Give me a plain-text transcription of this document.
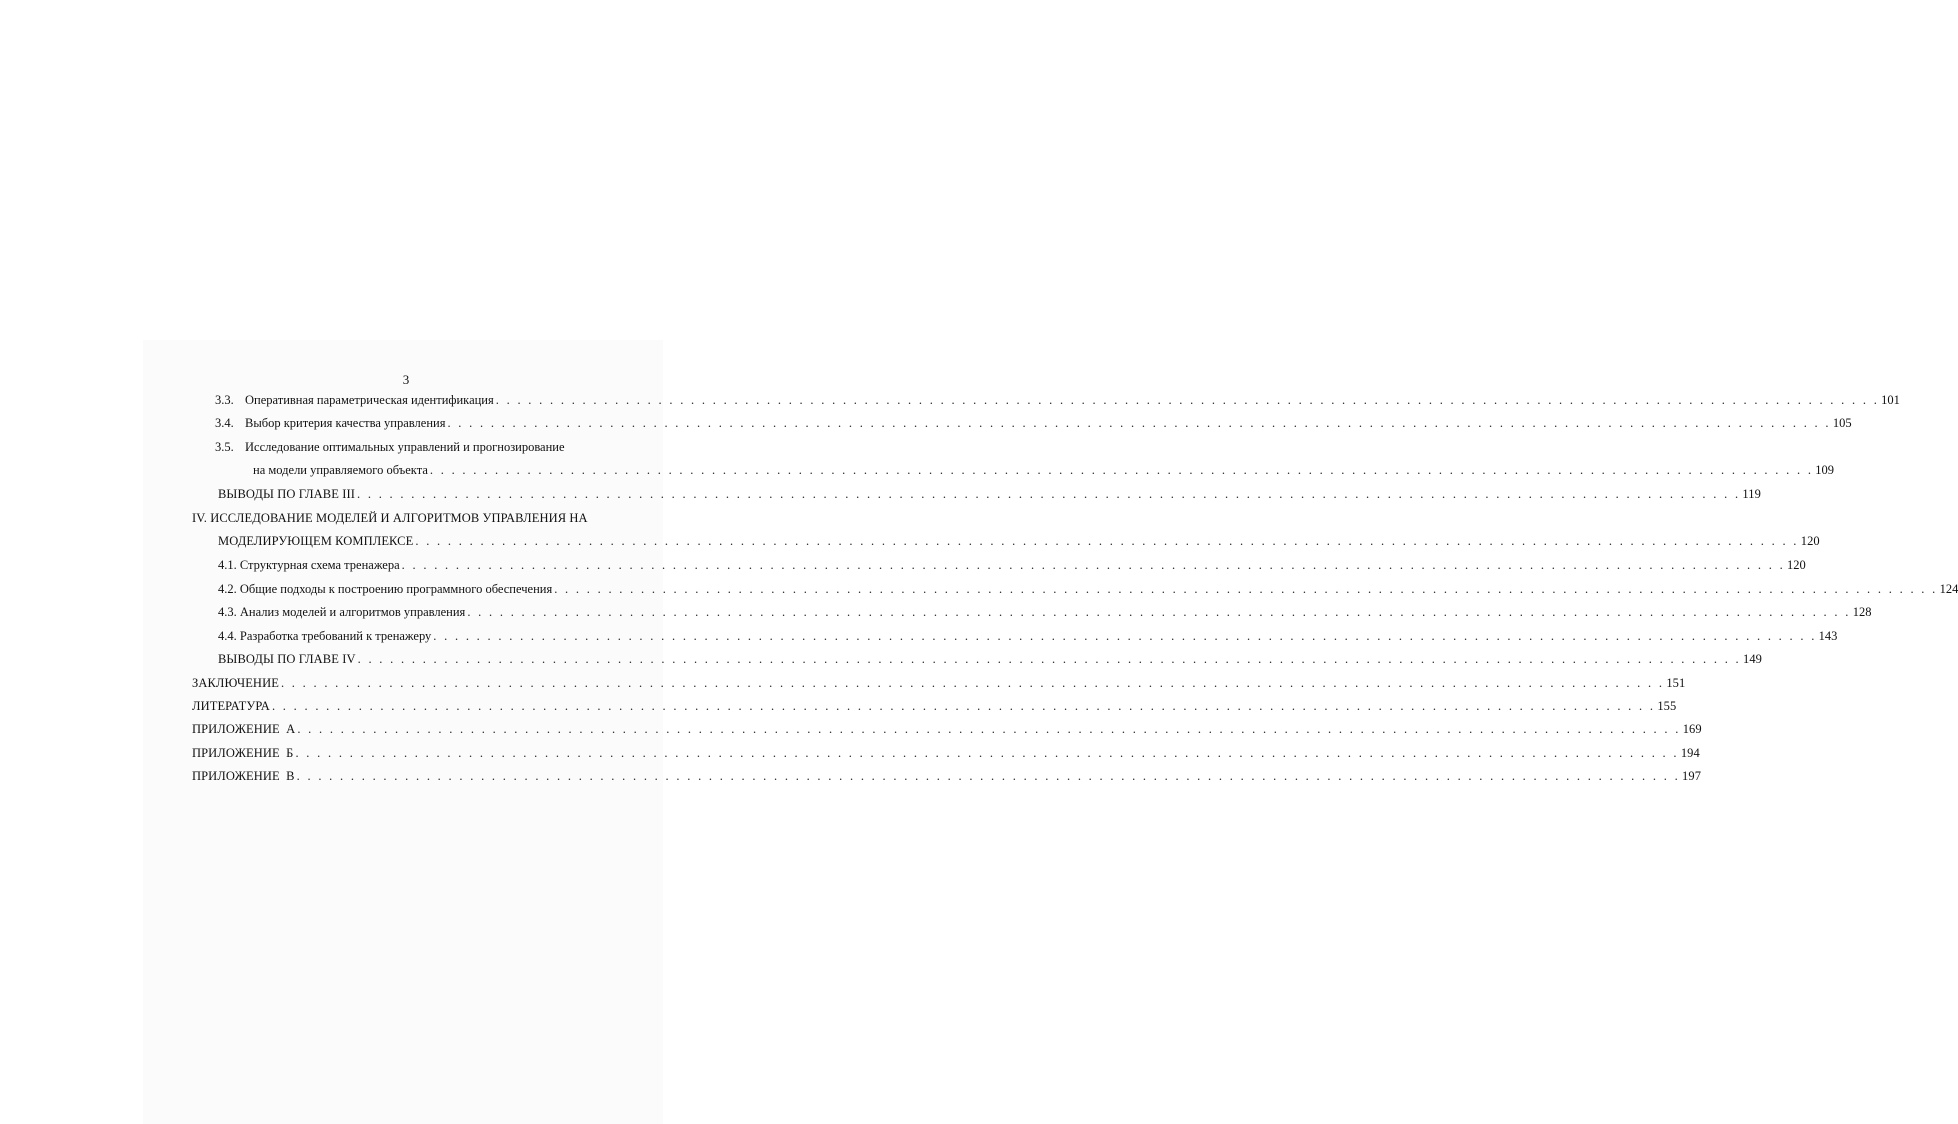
3
3.3. Оперативная параметрическая идентификация . . . . . . . . . . . . . . . . . . . . . . . . . . . . . . . . . . . . . . . . . . . . . . . . . . . . . . . . . . . . . . . . . . . . . . . . . . . . . . . . . . . . . . . . . . . . . . . . . . . . . . . . . . . . . . . . . . . . . . . . . . . . . . . . 101
3.4. Выбор критерия качества управления . . . . . . . . . . . . . . . . . . . . . . . . . . . . . . . . . . . . . . . . . . . . . . . . . . . . . . . . . . . . . . . . . . . . . . . . . . . . . . . . . . . . . . . . . . . . . . . . . . . . . . . . . . . . . . . . . . . . . . . . . . . . . . . . 105
3.5. Исследование оптимальных управлений и прогнозирование
на модели управляемого объекта . . . . . . . . . . . . . . . . . . . . . . . . . . . . . . . . . . . . . . . . . . . . . . . . . . . . . . . . . . . . . . . . . . . . . . . . . . . . . . . . . . . . . . . . . . . . . . . . . . . . . . . . . . . . . . . . . . . . . . . . . . . . . . . . 109
ВЫВОДЫ ПО ГЛАВЕ III . . . . . . . . . . . . . . . . . . . . . . . . . . . . . . . . . . . . . . . . . . . . . . . . . . . . . . . . . . . . . . . . . . . . . . . . . . . . . . . . . . . . . . . . . . . . . . . . . . . . . . . . . . . . . . . . . . . . . . . . . . . . . . . . 119
IV. ИССЛЕДОВАНИЕ МОДЕЛЕЙ И АЛГОРИТМОВ УПРАВЛЕНИЯ НА
МОДЕЛИРУЮЩЕМ КОМПЛЕКСЕ . . . . . . . . . . . . . . . . . . . . . . . . . . . . . . . . . . . . . . . . . . . . . . . . . . . . . . . . . . . . . . . . . . . . . . . . . . . . . . . . . . . . . . . . . . . . . . . . . . . . . . . . . . . . . . . . . . . . . . . . . . . . . . . . 120
4.1. Структурная схема тренажера . . . . . . . . . . . . . . . . . . . . . . . . . . . . . . . . . . . . . . . . . . . . . . . . . . . . . . . . . . . . . . . . . . . . . . . . . . . . . . . . . . . . . . . . . . . . . . . . . . . . . . . . . . . . . . . . . . . . . . . . . . . . . . . . 120
4.2. Общие подходы к построению программного обеспечения . . . . . . . . . . . . . . . . . . . . . . . . . . . . . . . . . . . . . . . . . . . . . . . . . . . . . . . . . . . . . . . . . . . . . . . . . . . . . . . . . . . . . . . . . . . . . . . . . . . . . . . . . . . . . . . . . . . . . . . . . . . . . . . . 124
4.3. Анализ моделей и алгоритмов управления . . . . . . . . . . . . . . . . . . . . . . . . . . . . . . . . . . . . . . . . . . . . . . . . . . . . . . . . . . . . . . . . . . . . . . . . . . . . . . . . . . . . . . . . . . . . . . . . . . . . . . . . . . . . . . . . . . . . . . . . . . . . . . . . 128
4.4. Разработка требований к тренажеру . . . . . . . . . . . . . . . . . . . . . . . . . . . . . . . . . . . . . . . . . . . . . . . . . . . . . . . . . . . . . . . . . . . . . . . . . . . . . . . . . . . . . . . . . . . . . . . . . . . . . . . . . . . . . . . . . . . . . . . . . . . . . . . . 143
ВЫВОДЫ ПО ГЛАВЕ IV . . . . . . . . . . . . . . . . . . . . . . . . . . . . . . . . . . . . . . . . . . . . . . . . . . . . . . . . . . . . . . . . . . . . . . . . . . . . . . . . . . . . . . . . . . . . . . . . . . . . . . . . . . . . . . . . . . . . . . . . . . . . . . . . 149
ЗАКЛЮЧЕНИЕ . . . . . . . . . . . . . . . . . . . . . . . . . . . . . . . . . . . . . . . . . . . . . . . . . . . . . . . . . . . . . . . . . . . . . . . . . . . . . . . . . . . . . . . . . . . . . . . . . . . . . . . . . . . . . . . . . . . . . . . . . . . . . . . . 151
ЛИТЕРАТУРА . . . . . . . . . . . . . . . . . . . . . . . . . . . . . . . . . . . . . . . . . . . . . . . . . . . . . . . . . . . . . . . . . . . . . . . . . . . . . . . . . . . . . . . . . . . . . . . . . . . . . . . . . . . . . . . . . . . . . . . . . . . . . . . . 155
ПРИЛОЖЕНИЕ  А . . . . . . . . . . . . . . . . . . . . . . . . . . . . . . . . . . . . . . . . . . . . . . . . . . . . . . . . . . . . . . . . . . . . . . . . . . . . . . . . . . . . . . . . . . . . . . . . . . . . . . . . . . . . . . . . . . . . . . . . . . . . . . . . 169
ПРИЛОЖЕНИЕ  Б . . . . . . . . . . . . . . . . . . . . . . . . . . . . . . . . . . . . . . . . . . . . . . . . . . . . . . . . . . . . . . . . . . . . . . . . . . . . . . . . . . . . . . . . . . . . . . . . . . . . . . . . . . . . . . . . . . . . . . . . . . . . . . . . 194
ПРИЛОЖЕНИЕ  В . . . . . . . . . . . . . . . . . . . . . . . . . . . . . . . . . . . . . . . . . . . . . . . . . . . . . . . . . . . . . . . . . . . . . . . . . . . . . . . . . . . . . . . . . . . . . . . . . . . . . . . . . . . . . . . . . . . . . . . . . . . . . . . . 197
